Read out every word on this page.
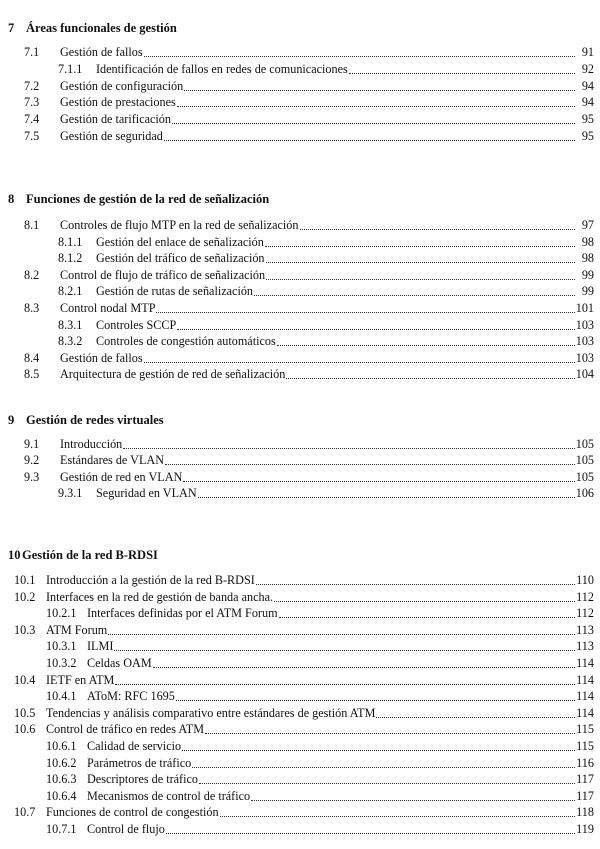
7 Áreas funcionales de gestión
8 Funciones de gestión de la red de señalización
9 Gestión de redes virtuales
10 Gestión de la red B-RDSI
7.1	Gestión de fallos	91
7.1.1	Identificación de fallos en redes de comunicaciones	92
7.2	Gestión de configuración	94
7.3	Gestión de prestaciones	94
7.4	Gestión de tarificación	95
7.5	Gestión de seguridad	95
8.1	Controles de flujo MTP en la red de señalización	97
8.1.1	Gestión del enlace de señalización	98
8.1.2	Gestión del tráfico de señalización	98
8.2	Control de flujo de tráfico de señalización	99
8.2.1	Gestión de rutas de señalización	99
8.3	Control nodal MTP	101
8.3.1	Controles SCCP	103
8.3.2	Controles de congestión automáticos	103
8.4	Gestión de fallos	103
8.5	Arquitectura de gestión de red de señalización	104
9.1	Introducción	105
9.2	Estándares de VLAN	105
9.3	Gestión de red en VLAN	105
9.3.1	Seguridad en VLAN	106
10.1 Introducción a la gestión de la red B-RDSI	110
10.2 Interfaces en la red de gestión de banda ancha.	112
10.2.1 Interfaces definidas por el ATM Forum	112
10.3 ATM Forum	113
10.3.1 ILMI	113
10.3.2 Celdas OAM	114
10.4 IETF en ATM	114
10.4.1 AToM: RFC 1695	114
10.5 Tendencias y análisis comparativo entre estándares de gestión ATM	114
10.6 Control de tráfico en redes ATM	115
10.6.1 Calidad de servicio	115
10.6.2 Parámetros de tráfico	116
10.6.3 Descriptores de tráfico	117
10.6.4 Mecanismos de control de tráfico	117
10.7 Funciones de control de congestión	118
10.7.1 Control de flujo	119
